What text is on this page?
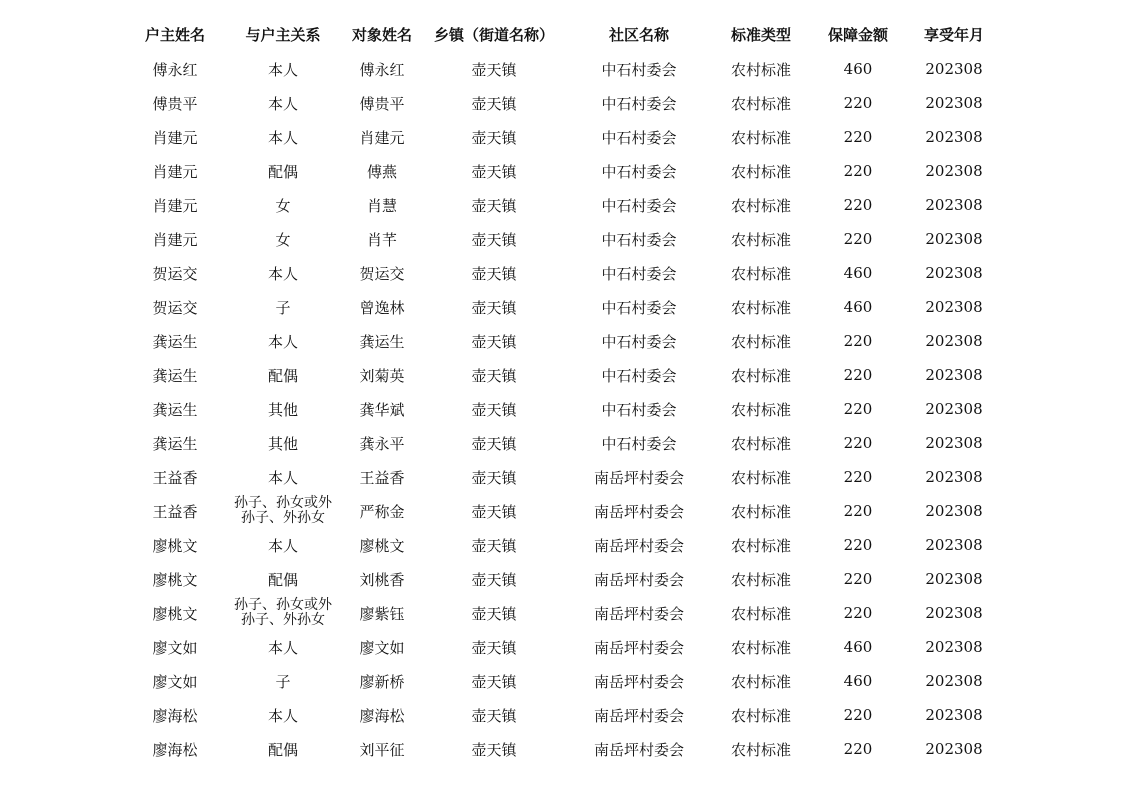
户主姓名	与户主关系	对象姓名	乡镇（街道名称）	社区名称	标准类型	保障金额	享受年月
傅永红	本人	傅永红	壶天镇	中石村委会	农村标准	460	202308
傅贵平	本人	傅贵平	壶天镇	中石村委会	农村标准	220	202308
肖建元	本人	肖建元	壶天镇	中石村委会	农村标准	220	202308
肖建元	配偶	傅燕	壶天镇	中石村委会	农村标准	220	202308
肖建元	女	肖慧	壶天镇	中石村委会	农村标准	220	202308
肖建元	女	肖芊	壶天镇	中石村委会	农村标准	220	202308
贺运交	本人	贺运交	壶天镇	中石村委会	农村标准	460	202308
贺运交	子	曾逸林	壶天镇	中石村委会	农村标准	460	202308
龚运生	本人	龚运生	壶天镇	中石村委会	农村标准	220	202308
龚运生	配偶	刘菊英	壶天镇	中石村委会	农村标准	220	202308
龚运生	其他	龚华斌	壶天镇	中石村委会	农村标准	220	202308
龚运生	其他	龚永平	壶天镇	中石村委会	农村标准	220	202308
王益香	本人	王益香	壶天镇	南岳坪村委会	农村标准	220	202308
王益香	孙子、孙女或外孙子、外孙女	严称金	壶天镇	南岳坪村委会	农村标准	220	202308
廖桃文	本人	廖桃文	壶天镇	南岳坪村委会	农村标准	220	202308
廖桃文	配偶	刘桃香	壶天镇	南岳坪村委会	农村标准	220	202308
廖桃文	孙子、孙女或外孙子、外孙女	廖紫钰	壶天镇	南岳坪村委会	农村标准	220	202308
廖文如	本人	廖文如	壶天镇	南岳坪村委会	农村标准	460	202308
廖文如	子	廖新桥	壶天镇	南岳坪村委会	农村标准	460	202308
廖海松	本人	廖海松	壶天镇	南岳坪村委会	农村标准	220	202308
廖海松	配偶	刘平征	壶天镇	南岳坪村委会	农村标准	220	202308
